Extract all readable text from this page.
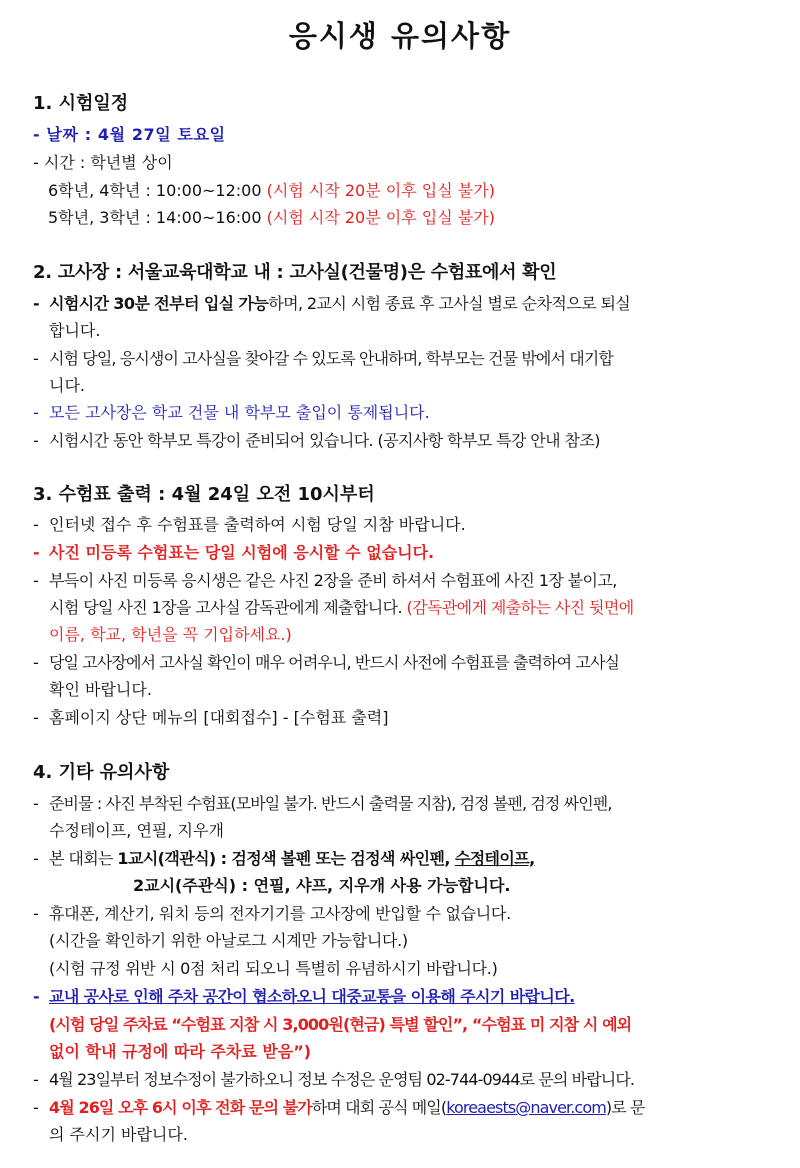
응시생 유의사항
1. 시험일정
- 날짜 : 4월 27일 토요일
- 시간 : 학년별 상이
6학년, 4학년 : 10:00~12:00 (시험 시작 20분 이후 입실 불가)
5학년, 3학년 : 14:00~16:00 (시험 시작 20분 이후 입실 불가)
2. 고사장 : 서울교육대학교 내 : 고사실(건물명)은 수험표에서 확인
- 시험시간 30분 전부터 입실 가능하며, 2교시 시험 종료 후 고사실 별로 순차적으로 퇴실
합니다.
- 시험 당일, 응시생이 고사실을 찾아갈 수 있도록 안내하며, 학부모는 건물 밖에서 대기합
니다.
- 모든 고사장은 학교 건물 내 학부모 출입이 통제됩니다.
- 시험시간 동안 학부모 특강이 준비되어 있습니다. (공지사항 학부모 특강 안내 참조)
3. 수험표 출력 : 4월 24일 오전 10시부터
- 인터넷 접수 후 수험표를 출력하여 시험 당일 지참 바랍니다.
- 사진 미등록 수험표는 당일 시험에 응시할 수 없습니다.
- 부득이 사진 미등록 응시생은 같은 사진 2장을 준비 하셔서 수험표에 사진 1장 붙이고,
시험 당일 사진 1장을 고사실 감독관에게 제출합니다. (감독관에게 제출하는 사진 뒷면에
이름, 학교, 학년을 꼭 기입하세요.)
- 당일 고사장에서 고사실 확인이 매우 어려우니, 반드시 사전에 수험표를 출력하여 고사실
확인 바랍니다.
- 홈페이지 상단 메뉴의 [대회접수] - [수험표 출력]
4. 기타 유의사항
- 준비물 : 사진 부착된 수험표(모바일 불가. 반드시 출력물 지참), 검정 볼펜, 검정 싸인펜,
수정테이프, 연필, 지우개
- 본 대회는 1교시(객관식) : 검정색 볼펜 또는 검정색 싸인펜, 수정테이프,
2교시(주관식) : 연필, 샤프, 지우개 사용 가능합니다.
- 휴대폰, 계산기, 워치 등의 전자기기를 고사장에 반입할 수 없습니다.
(시간을 확인하기 위한 아날로그 시계만 가능합니다.)
(시험 규정 위반 시 0점 처리 되오니 특별히 유념하시기 바랍니다.)
- 교내 공사로 인해 주차 공간이 협소하오니 대중교통을 이용해 주시기 바랍니다.
(시험 당일 주차료 “수험표 지참 시 3,000원(현금) 특별 할인”, “수험표 미 지참 시 예외
없이 학내 규정에 따라 주차료 받음”)
- 4월 23일부터 정보수정이 불가하오니 정보 수정은 운영팀 02-744-0944로 문의 바랍니다.
- 4월 26일 오후 6시 이후 전화 문의 불가하며 대회 공식 메일(koreaests@naver.com)로 문
의 주시기 바랍니다.
